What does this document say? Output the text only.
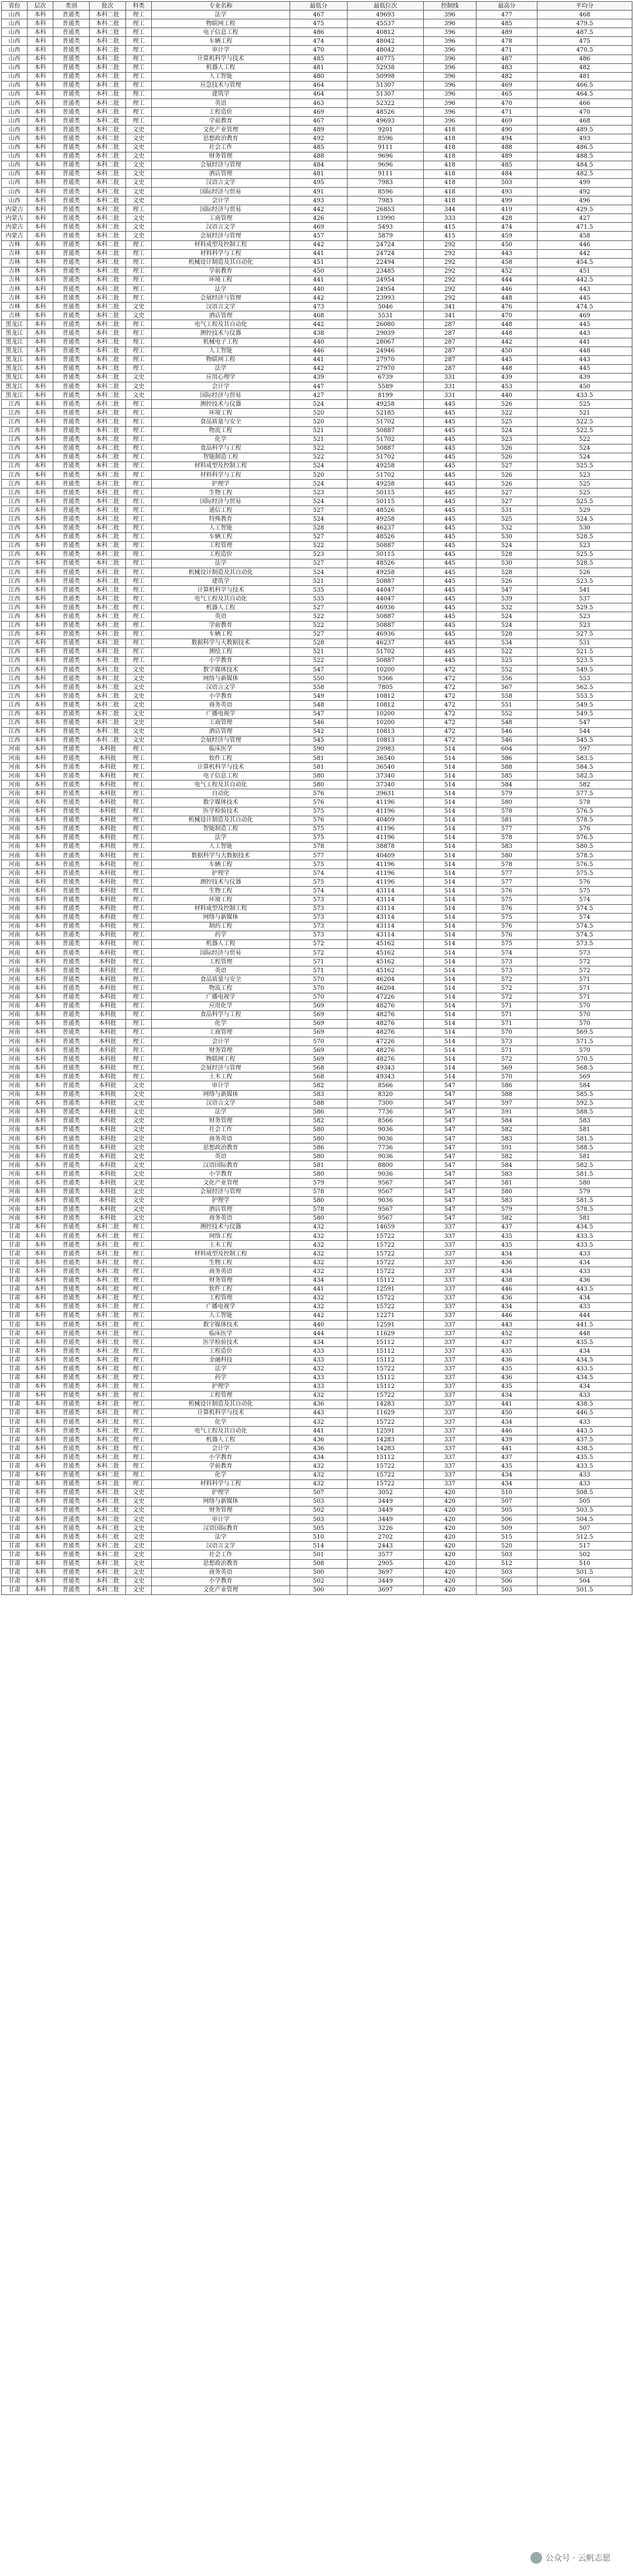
省份	层次	类别	批次	科类	专业名称	最低分	最低位次	控制线	最高分	平均分
山西	本科	普通类	本科二批	理工	法学	467	49693	396	477	468
山西	本科	普通类	本科二批	理工	物联网工程	475	45537	396	485	479.5
山西	本科	普通类	本科二批	理工	电子信息工程	486	40812	396	489	487.5
山西	本科	普通类	本科二批	理工	车辆工程	474	48042	396	478	475
山西	本科	普通类	本科二批	理工	审计学	470	48042	396	471	470.5
山西	本科	普通类	本科二批	理工	计算机科学与技术	485	40775	396	487	486
山西	本科	普通类	本科二批	理工	机器人工程	481	52938	396	483	482
山西	本科	普通类	本科二批	理工	人工智能	480	50998	396	482	481
山西	本科	普通类	本科二批	理工	应急技术与管理	464	51307	396	469	466.5
山西	本科	普通类	本科二批	理工	建筑学	464	51307	396	465	464.5
山西	本科	普通类	本科二批	理工	英语	463	52322	396	470	466
山西	本科	普通类	本科二批	理工	工程造价	469	48526	396	471	470
山西	本科	普通类	本科二批	理工	学前教育	467	49693	396	469	468
山西	本科	普通类	本科二批	文史	文化产业管理	489	9201	418	490	489.5
山西	本科	普通类	本科二批	文史	思想政治教育	492	8596	418	494	493
山西	本科	普通类	本科二批	文史	社会工作	485	9111	418	488	486.5
山西	本科	普通类	本科二批	文史	财务管理	488	9696	418	489	488.5
山西	本科	普通类	本科二批	文史	会展经济与管理	484	9696	418	485	484.5
山西	本科	普通类	本科二批	文史	酒店管理	481	9111	418	484	482.5
山西	本科	普通类	本科二批	文史	汉语言文学	495	7983	418	503	499
山西	本科	普通类	本科二批	文史	国际经济与贸易	491	8596	418	493	492
山西	本科	普通类	本科二批	文史	会计学	493	7983	418	499	496
内蒙古	本科	普通类	本科二批	理工	国际经济与贸易	442	26853	344	419	429.5
内蒙古	本科	普通类	本科二批	文史	工商管理	426	13990	333	428	427
内蒙古	本科	普通类	本科二批	文史	汉语言文学	469	5493	415	474	471.5
内蒙古	本科	普通类	本科二批	文史	会展经济与管理	457	5879	415	459	458
吉林	本科	普通类	本科二批	理工	材料成型及控制工程	442	24724	292	450	446
吉林	本科	普通类	本科二批	理工	材料科学与工程	441	24724	292	443	442
吉林	本科	普通类	本科二批	理工	机械设计制造及其自动化	451	22494	292	458	454.5
吉林	本科	普通类	本科二批	理工	学前教育	450	23485	292	452	451
吉林	本科	普通类	本科二批	理工	环境工程	441	24954	292	444	442.5
吉林	本科	普通类	本科二批	理工	法学	440	24954	292	446	443
吉林	本科	普通类	本科二批	理工	会展经济与管理	442	23993	292	448	445
吉林	本科	普通类	本科二批	文史	汉语言文学	473	5046	341	476	474.5
吉林	本科	普通类	本科二批	文史	酒店管理	468	5531	341	470	469
黑龙江	本科	普通类	本科二批	理工	电气工程及其自动化	442	26080	287	448	445
黑龙江	本科	普通类	本科二批	理工	测控技术与仪器	438	29039	287	448	443
黑龙江	本科	普通类	本科二批	理工	机械电子工程	440	28067	287	442	441
黑龙江	本科	普通类	本科二批	理工	人工智能	446	24946	287	450	448
黑龙江	本科	普通类	本科二批	理工	物联网工程	441	27970	287	445	443
黑龙江	本科	普通类	本科二批	理工	法学	442	27970	287	448	445
黑龙江	本科	普通类	本科二批	文史	应用心理学	439	6739	331	439	439
黑龙江	本科	普通类	本科二批	文史	会计学	447	5589	331	453	450
黑龙江	本科	普通类	本科二批	文史	国际经济与贸易	427	8199	331	440	433.5
江西	本科	普通类	本科二批	理工	测控技术与仪器	524	49258	445	526	525
江西	本科	普通类	本科二批	理工	环境工程	520	52185	445	522	521
江西	本科	普通类	本科二批	理工	食品质量与安全	520	51702	445	525	522.5
江西	本科	普通类	本科二批	理工	物流工程	521	50887	445	524	522.5
江西	本科	普通类	本科二批	理工	化学	521	51702	445	523	522
江西	本科	普通类	本科二批	理工	食品科学与工程	522	50887	445	526	524
江西	本科	普通类	本科二批	理工	智能制造工程	522	51702	445	526	524
江西	本科	普通类	本科二批	理工	材料成型及控制工程	524	49258	445	527	525.5
江西	本科	普通类	本科二批	理工	材料科学与工程	520	51702	445	526	523
江西	本科	普通类	本科二批	理工	护理学	524	49258	445	526	525
江西	本科	普通类	本科二批	理工	生物工程	523	50115	445	527	525
江西	本科	普通类	本科二批	理工	国际经济与贸易	524	50115	445	527	525.5
江西	本科	普通类	本科二批	理工	通信工程	527	48526	445	531	529
江西	本科	普通类	本科二批	理工	特殊教育	524	49258	445	525	524.5
江西	本科	普通类	本科二批	理工	人工智能	528	46237	445	532	530
江西	本科	普通类	本科二批	理工	车辆工程	527	48526	445	530	528.5
江西	本科	普通类	本科二批	理工	工程管理	522	50887	445	524	523
江西	本科	普通类	本科二批	理工	工程造价	523	50115	445	528	525.5
江西	本科	普通类	本科二批	理工	法学	527	48526	445	530	528.5
江西	本科	普通类	本科二批	理工	机械设计制造及其自动化	524	49258	445	528	526
江西	本科	普通类	本科二批	理工	建筑学	521	50887	445	526	523.5
江西	本科	普通类	本科二批	理工	计算机科学与技术	535	44047	445	547	541
江西	本科	普通类	本科二批	理工	电气工程及其自动化	535	44047	445	539	537
江西	本科	普通类	本科二批	理工	机器人工程	527	46936	445	532	529.5
江西	本科	普通类	本科二批	理工	英语	522	50887	445	524	523
江西	本科	普通类	本科二批	理工	学前教育	522	50887	445	524	523
江西	本科	普通类	本科二批	理工	车辆工程	527	46936	445	528	527.5
江西	本科	普通类	本科二批	理工	数据科学与大数据技术	528	46237	445	534	531
江西	本科	普通类	本科二批	理工	测绘工程	521	51702	445	522	521.5
江西	本科	普通类	本科二批	理工	小学教育	522	50887	445	525	523.5
江西	本科	普通类	本科二批	文史	数字媒体技术	547	10200	472	552	549.5
江西	本科	普通类	本科二批	文史	网络与新媒体	550	9366	472	556	553
江西	本科	普通类	本科二批	文史	汉语言文学	558	7805	472	567	562.5
江西	本科	普通类	本科二批	文史	小学教育	549	10812	472	558	553.5
江西	本科	普通类	本科二批	文史	商务英语	548	10812	472	551	549.5
江西	本科	普通类	本科二批	文史	广播电视学	547	10200	472	552	549.5
江西	本科	普通类	本科二批	文史	工商管理	546	10200	472	548	547
江西	本科	普通类	本科二批	文史	酒店管理	542	10813	472	546	544
江西	本科	普通类	本科二批	文史	会展经济与管理	545	10813	472	546	545.5
河南	本科	普通类	本科批	理工	临床医学	590	29983	514	604	597
河南	本科	普通类	本科批	理工	软件工程	581	36540	514	586	583.5
河南	本科	普通类	本科批	理工	计算机科学与技术	581	36540	514	588	584.5
河南	本科	普通类	本科批	理工	电子信息工程	580	37340	514	585	582.5
河南	本科	普通类	本科批	理工	电气工程及其自动化	580	37340	514	584	582
河南	本科	普通类	本科批	理工	自动化	576	39631	514	579	577.5
河南	本科	普通类	本科批	理工	数字媒体技术	576	41196	514	580	578
河南	本科	普通类	本科批	理工	医学检验技术	575	41196	514	578	576.5
河南	本科	普通类	本科批	理工	机械设计制造及其自动化	576	40409	514	581	578.5
河南	本科	普通类	本科批	理工	智能制造工程	575	41196	514	577	576
河南	本科	普通类	本科批	理工	法学	575	41196	514	578	576.5
河南	本科	普通类	本科批	理工	人工智能	578	38878	514	583	580.5
河南	本科	普通类	本科批	理工	数据科学与大数据技术	577	40409	514	580	578.5
河南	本科	普通类	本科批	理工	车辆工程	575	41196	514	578	576.5
河南	本科	普通类	本科批	理工	护理学	574	41196	514	577	575.5
河南	本科	普通类	本科批	理工	测控技术与仪器	575	41196	514	577	576
河南	本科	普通类	本科批	理工	生物工程	574	43114	514	576	575
河南	本科	普通类	本科批	理工	环境工程	573	43114	514	575	574
河南	本科	普通类	本科批	理工	材料成型及控制工程	573	43114	514	576	574.5
河南	本科	普通类	本科批	理工	网络与新媒体	573	43114	514	575	574
河南	本科	普通类	本科批	理工	制药工程	573	43114	514	576	574.5
河南	本科	普通类	本科批	理工	药学	573	43114	514	576	574.5
河南	本科	普通类	本科批	理工	机器人工程	572	45162	514	575	573.5
河南	本科	普通类	本科批	理工	国际经济与贸易	572	45162	514	574	573
河南	本科	普通类	本科批	理工	工程管理	571	45162	514	573	572
河南	本科	普通类	本科批	理工	英语	571	45162	514	573	572
河南	本科	普通类	本科批	理工	食品质量与安全	570	46204	514	572	571
河南	本科	普通类	本科批	理工	物流工程	570	46204	514	572	571
河南	本科	普通类	本科批	理工	广播电视学	570	47226	514	572	571
河南	本科	普通类	本科批	理工	应用化学	569	48276	514	571	570
河南	本科	普通类	本科批	理工	食品科学与工程	569	48276	514	571	570
河南	本科	普通类	本科批	理工	化学	569	48276	514	571	570
河南	本科	普通类	本科批	理工	工商管理	569	48276	514	570	569.5
河南	本科	普通类	本科批	理工	会计学	570	47226	514	573	571.5
河南	本科	普通类	本科批	理工	财务管理	569	48276	514	571	570
河南	本科	普通类	本科批	理工	物联网工程	569	48276	514	572	570.5
河南	本科	普通类	本科批	理工	会展经济与管理	568	49343	514	569	568.5
河南	本科	普通类	本科批	理工	土木工程	568	49343	514	570	569
河南	本科	普通类	本科批	文史	审计学	582	8566	547	586	584
河南	本科	普通类	本科批	文史	网络与新媒体	583	8320	547	588	585.5
河南	本科	普通类	本科批	文史	汉语言文学	588	7300	547	597	592.5
河南	本科	普通类	本科批	文史	法学	586	7736	547	591	588.5
河南	本科	普通类	本科批	文史	财务管理	582	8566	547	584	583
河南	本科	普通类	本科批	文史	社会工作	580	9036	547	582	581
河南	本科	普通类	本科批	文史	商务英语	580	9036	547	583	581.5
河南	本科	普通类	本科批	文史	思想政治教育	586	7736	547	591	588.5
河南	本科	普通类	本科批	文史	英语	580	9036	547	582	581
河南	本科	普通类	本科批	文史	汉语国际教育	581	8800	547	584	582.5
河南	本科	普通类	本科批	文史	小学教育	580	9036	547	583	581.5
河南	本科	普通类	本科批	文史	文化产业管理	579	9567	547	581	580
河南	本科	普通类	本科批	文史	会展经济与管理	578	9567	547	580	579
河南	本科	普通类	本科批	文史	护理学	580	9036	547	583	581.5
河南	本科	普通类	本科批	文史	酒店管理	578	9567	547	579	578.5
河南	本科	普通类	本科批	文史	商务英语	580	9567	547	582	581
甘肃	本科	普通类	本科二批	理工	测控技术与仪器	432	14659	337	437	434.5
甘肃	本科	普通类	本科二批	理工	网络工程	432	15722	337	435	433.5
甘肃	本科	普通类	本科二批	理工	土木工程	432	15722	337	435	433.5
甘肃	本科	普通类	本科二批	理工	材料成型及控制工程	432	15722	337	434	433
甘肃	本科	普通类	本科二批	理工	生物工程	432	15722	337	436	434
甘肃	本科	普通类	本科二批	理工	商务英语	432	15722	337	434	433
甘肃	本科	普通类	本科二批	理工	财务管理	434	15112	337	438	436
甘肃	本科	普通类	本科二批	理工	软件工程	441	12591	337	446	443.5
甘肃	本科	普通类	本科二批	理工	工程管理	432	15722	337	436	434
甘肃	本科	普通类	本科二批	理工	广播电视学	432	15722	337	434	433
甘肃	本科	普通类	本科二批	理工	人工智能	442	12271	337	446	444
甘肃	本科	普通类	本科二批	理工	数字媒体技术	440	12591	337	443	441.5
甘肃	本科	普通类	本科二批	理工	临床医学	444	11629	337	452	448
甘肃	本科	普通类	本科二批	理工	医学检验技术	434	15112	337	437	435.5
甘肃	本科	普通类	本科二批	理工	工程造价	433	15112	337	435	434
甘肃	本科	普通类	本科二批	理工	金融科技	433	15112	337	436	434.5
甘肃	本科	普通类	本科二批	理工	法学	432	15722	337	435	433.5
甘肃	本科	普通类	本科二批	理工	药学	433	15112	337	436	434.5
甘肃	本科	普通类	本科二批	理工	护理学	433	15112	337	435	434
甘肃	本科	普通类	本科二批	理工	工程管理	432	15722	337	434	433
甘肃	本科	普通类	本科二批	理工	机械设计制造及其自动化	436	14283	337	441	438.5
甘肃	本科	普通类	本科二批	理工	计算机科学与技术	443	11629	337	450	446.5
甘肃	本科	普通类	本科二批	理工	化学	432	15722	337	434	433
甘肃	本科	普通类	本科二批	理工	电气工程及其自动化	441	12591	337	446	443.5
甘肃	本科	普通类	本科二批	理工	机器人工程	436	14283	337	439	437.5
甘肃	本科	普通类	本科二批	理工	会计学	436	14283	337	441	438.5
甘肃	本科	普通类	本科二批	理工	小学教育	434	15112	337	437	435.5
甘肃	本科	普通类	本科二批	理工	学前教育	432	15722	337	435	433.5
甘肃	本科	普通类	本科二批	理工	化学	432	15722	337	434	433
甘肃	本科	普通类	本科二批	理工	材料科学与工程	432	15722	337	434	433
甘肃	本科	普通类	本科二批	文史	护理学	507	3052	420	510	508.5
甘肃	本科	普通类	本科二批	文史	网络与新媒体	503	3449	420	507	505
甘肃	本科	普通类	本科二批	文史	财务管理	502	3449	420	505	503.5
甘肃	本科	普通类	本科二批	文史	审计学	503	3449	420	506	504.5
甘肃	本科	普通类	本科二批	文史	汉语国际教育	505	3226	420	509	507
甘肃	本科	普通类	本科二批	文史	法学	510	2702	420	515	512.5
甘肃	本科	普通类	本科二批	文史	汉语言文学	514	2443	420	520	517
甘肃	本科	普通类	本科二批	文史	社会工作	501	3577	420	503	502
甘肃	本科	普通类	本科二批	文史	思想政治教育	508	2905	420	512	510
甘肃	本科	普通类	本科二批	文史	商务英语	500	3697	420	503	501.5
甘肃	本科	普通类	本科二批	文史	小学教育	502	3449	420	506	504
甘肃	本科	普通类	本科二批	文史	文化产业管理	500	3697	420	503	501.5
公众号 · 云帆志愿
